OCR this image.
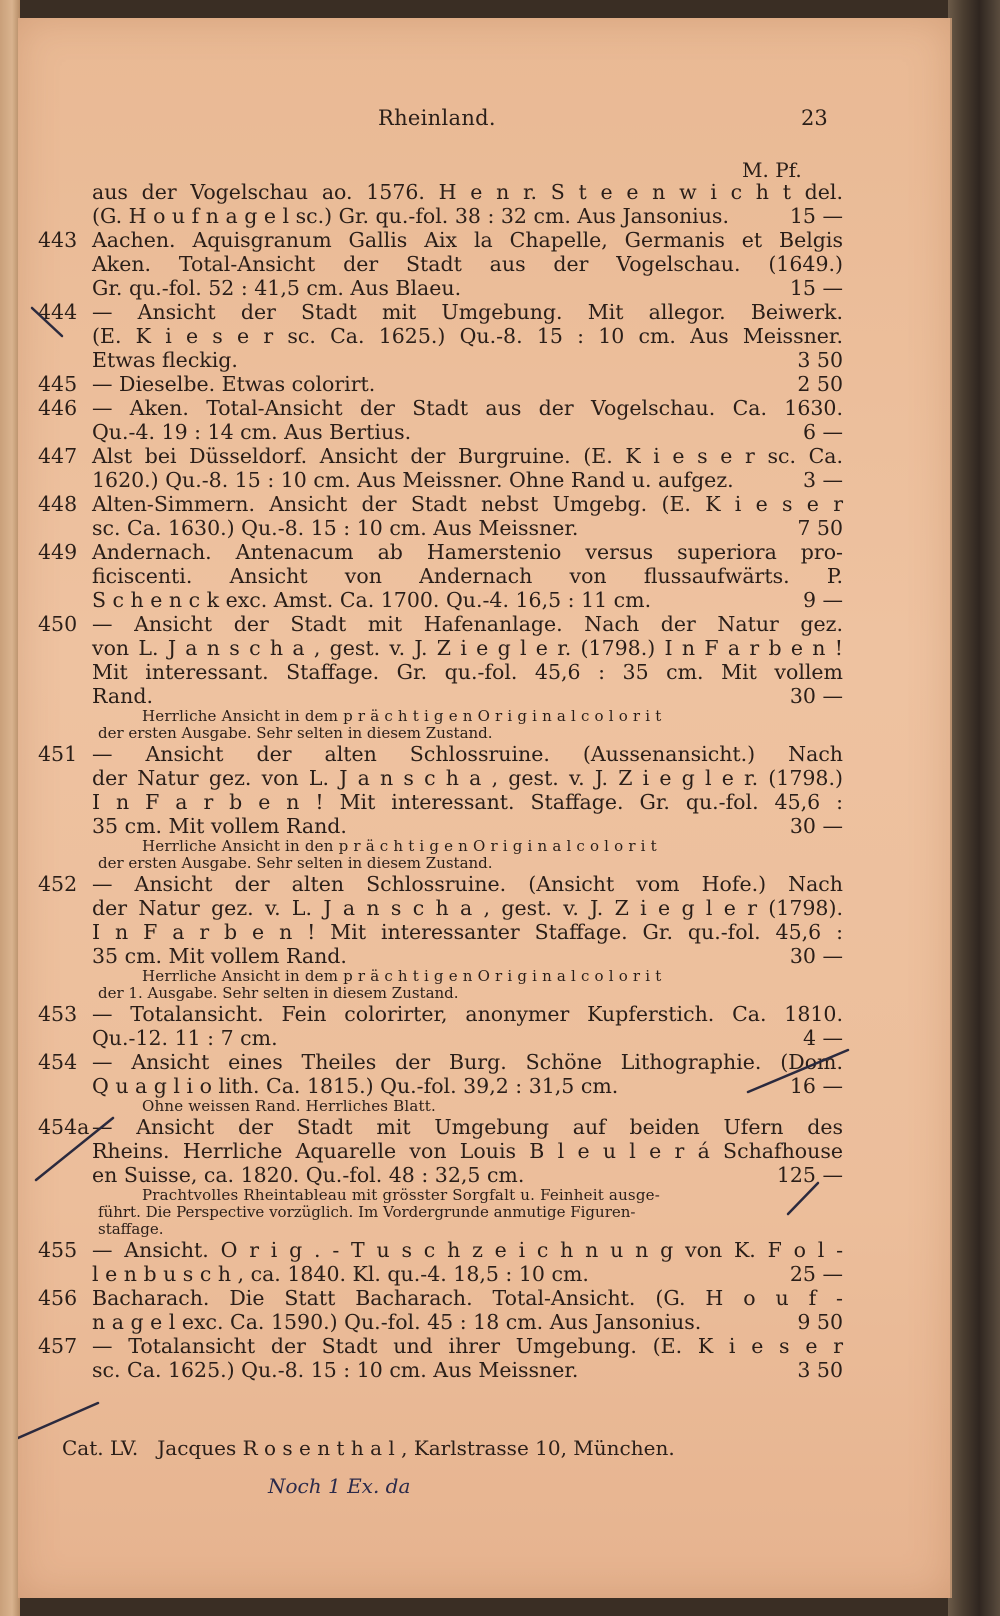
Rheinland.	23
M. Pf.
aus der Vogelschau ao. 1576. H e n r. S t e e n w i c h t del.
(G. H o u f n a g e l sc.) Gr. qu.-fol. 38 : 32 cm. Aus Jansonius.	15 —
443 Aachen. Aquisgranum Gallis Aix la Chapelle, Germanis et Belgis
Aken. Total-Ansicht der Stadt aus der Vogelschau. (1649.)
Gr. qu.-fol. 52 : 41,5 cm. Aus Blaeu.	15 —
444 — Ansicht der Stadt mit Umgebung. Mit allegor. Beiwerk.
(E. K i e s e r sc. Ca. 1625.) Qu.-8. 15 : 10 cm. Aus Meissner.
Etwas fleckig.	3 50
445 — Dieselbe. Etwas colorirt.	2 50
446 — Aken. Total-Ansicht der Stadt aus der Vogelschau. Ca. 1630.
Qu.-4. 19 : 14 cm. Aus Bertius.	6 —
447 Alst bei Düsseldorf. Ansicht der Burgruine. (E. K i e s e r sc. Ca.
1620.) Qu.-8. 15 : 10 cm. Aus Meissner. Ohne Rand u. aufgez.	3 —
448 Alten-Simmern. Ansicht der Stadt nebst Umgebg. (E. K i e s e r
sc. Ca. 1630.) Qu.-8. 15 : 10 cm. Aus Meissner.	7 50
449 Andernach. Antenacum ab Hamerstenio versus superiora pro-
ficiscenti. Ansicht von Andernach von flussaufwärts. P.
S c h e n c k exc. Amst. Ca. 1700. Qu.-4. 16,5 : 11 cm.	9 —
450 — Ansicht der Stadt mit Hafenanlage. Nach der Natur gez.
von L. J a n s c h a , gest. v. J. Z i e g l e r. (1798.) I n F a r b e n !
Mit interessant. Staffage. Gr. qu.-fol. 45,6 : 35 cm. Mit vollem
Rand.	30 —
Herrliche Ansicht in dem p r ä c h t i g e n O r i g i n a l c o l o r i t
der ersten Ausgabe. Sehr selten in diesem Zustand.
451 — Ansicht der alten Schlossruine. (Aussenansicht.) Nach
der Natur gez. von L. J a n s c h a , gest. v. J. Z i e g l e r. (1798.)
I n F a r b e n ! Mit interessant. Staffage. Gr. qu.-fol. 45,6 :
35 cm. Mit vollem Rand.	30 —
Herrliche Ansicht in den p r ä c h t i g e n O r i g i n a l c o l o r i t
der ersten Ausgabe. Sehr selten in diesem Zustand.
452 — Ansicht der alten Schlossruine. (Ansicht vom Hofe.) Nach
der Natur gez. v. L. J a n s c h a , gest. v. J. Z i e g l e r (1798).
I n F a r b e n ! Mit interessanter Staffage. Gr. qu.-fol. 45,6 :
35 cm. Mit vollem Rand.	30 —
Herrliche Ansicht in dem p r ä c h t i g e n O r i g i n a l c o l o r i t
der 1. Ausgabe. Sehr selten in diesem Zustand.
453 — Totalansicht. Fein colorirter, anonymer Kupferstich. Ca. 1810.
Qu.-12. 11 : 7 cm.	4 —
454 — Ansicht eines Theiles der Burg. Schöne Lithographie. (Dom.
Q u a g l i o lith. Ca. 1815.) Qu.-fol. 39,2 : 31,5 cm.	16 —
Ohne weissen Rand. Herrliches Blatt.
454a — Ansicht der Stadt mit Umgebung auf beiden Ufern des
Rheins. Herrliche Aquarelle von Louis B l e u l e r á Schafhouse
en Suisse, ca. 1820. Qu.-fol. 48 : 32,5 cm.	125 —
Prachtvolles Rheintableau mit grösster Sorgfalt u. Feinheit ausge-
führt. Die Perspective vorzüglich. Im Vordergrunde anmutige Figuren-
staffage.
455 — Ansicht. O r i g . - T u s c h z e i c h n u n g von K. F o l -
l e n b u s c h , ca. 1840. Kl. qu.-4. 18,5 : 10 cm.	25 —
456 Bacharach. Die Statt Bacharach. Total-Ansicht. (G. H o u f -
n a g e l exc. Ca. 1590.) Qu.-fol. 45 : 18 cm. Aus Jansonius.	9 50
457 — Totalansicht der Stadt und ihrer Umgebung. (E. K i e s e r
sc. Ca. 1625.) Qu.-8. 15 : 10 cm. Aus Meissner.	3 50
Cat. LV. Jacques R o s e n t h a l , Karlstrasse 10, München.
Noch 1 Ex. da
